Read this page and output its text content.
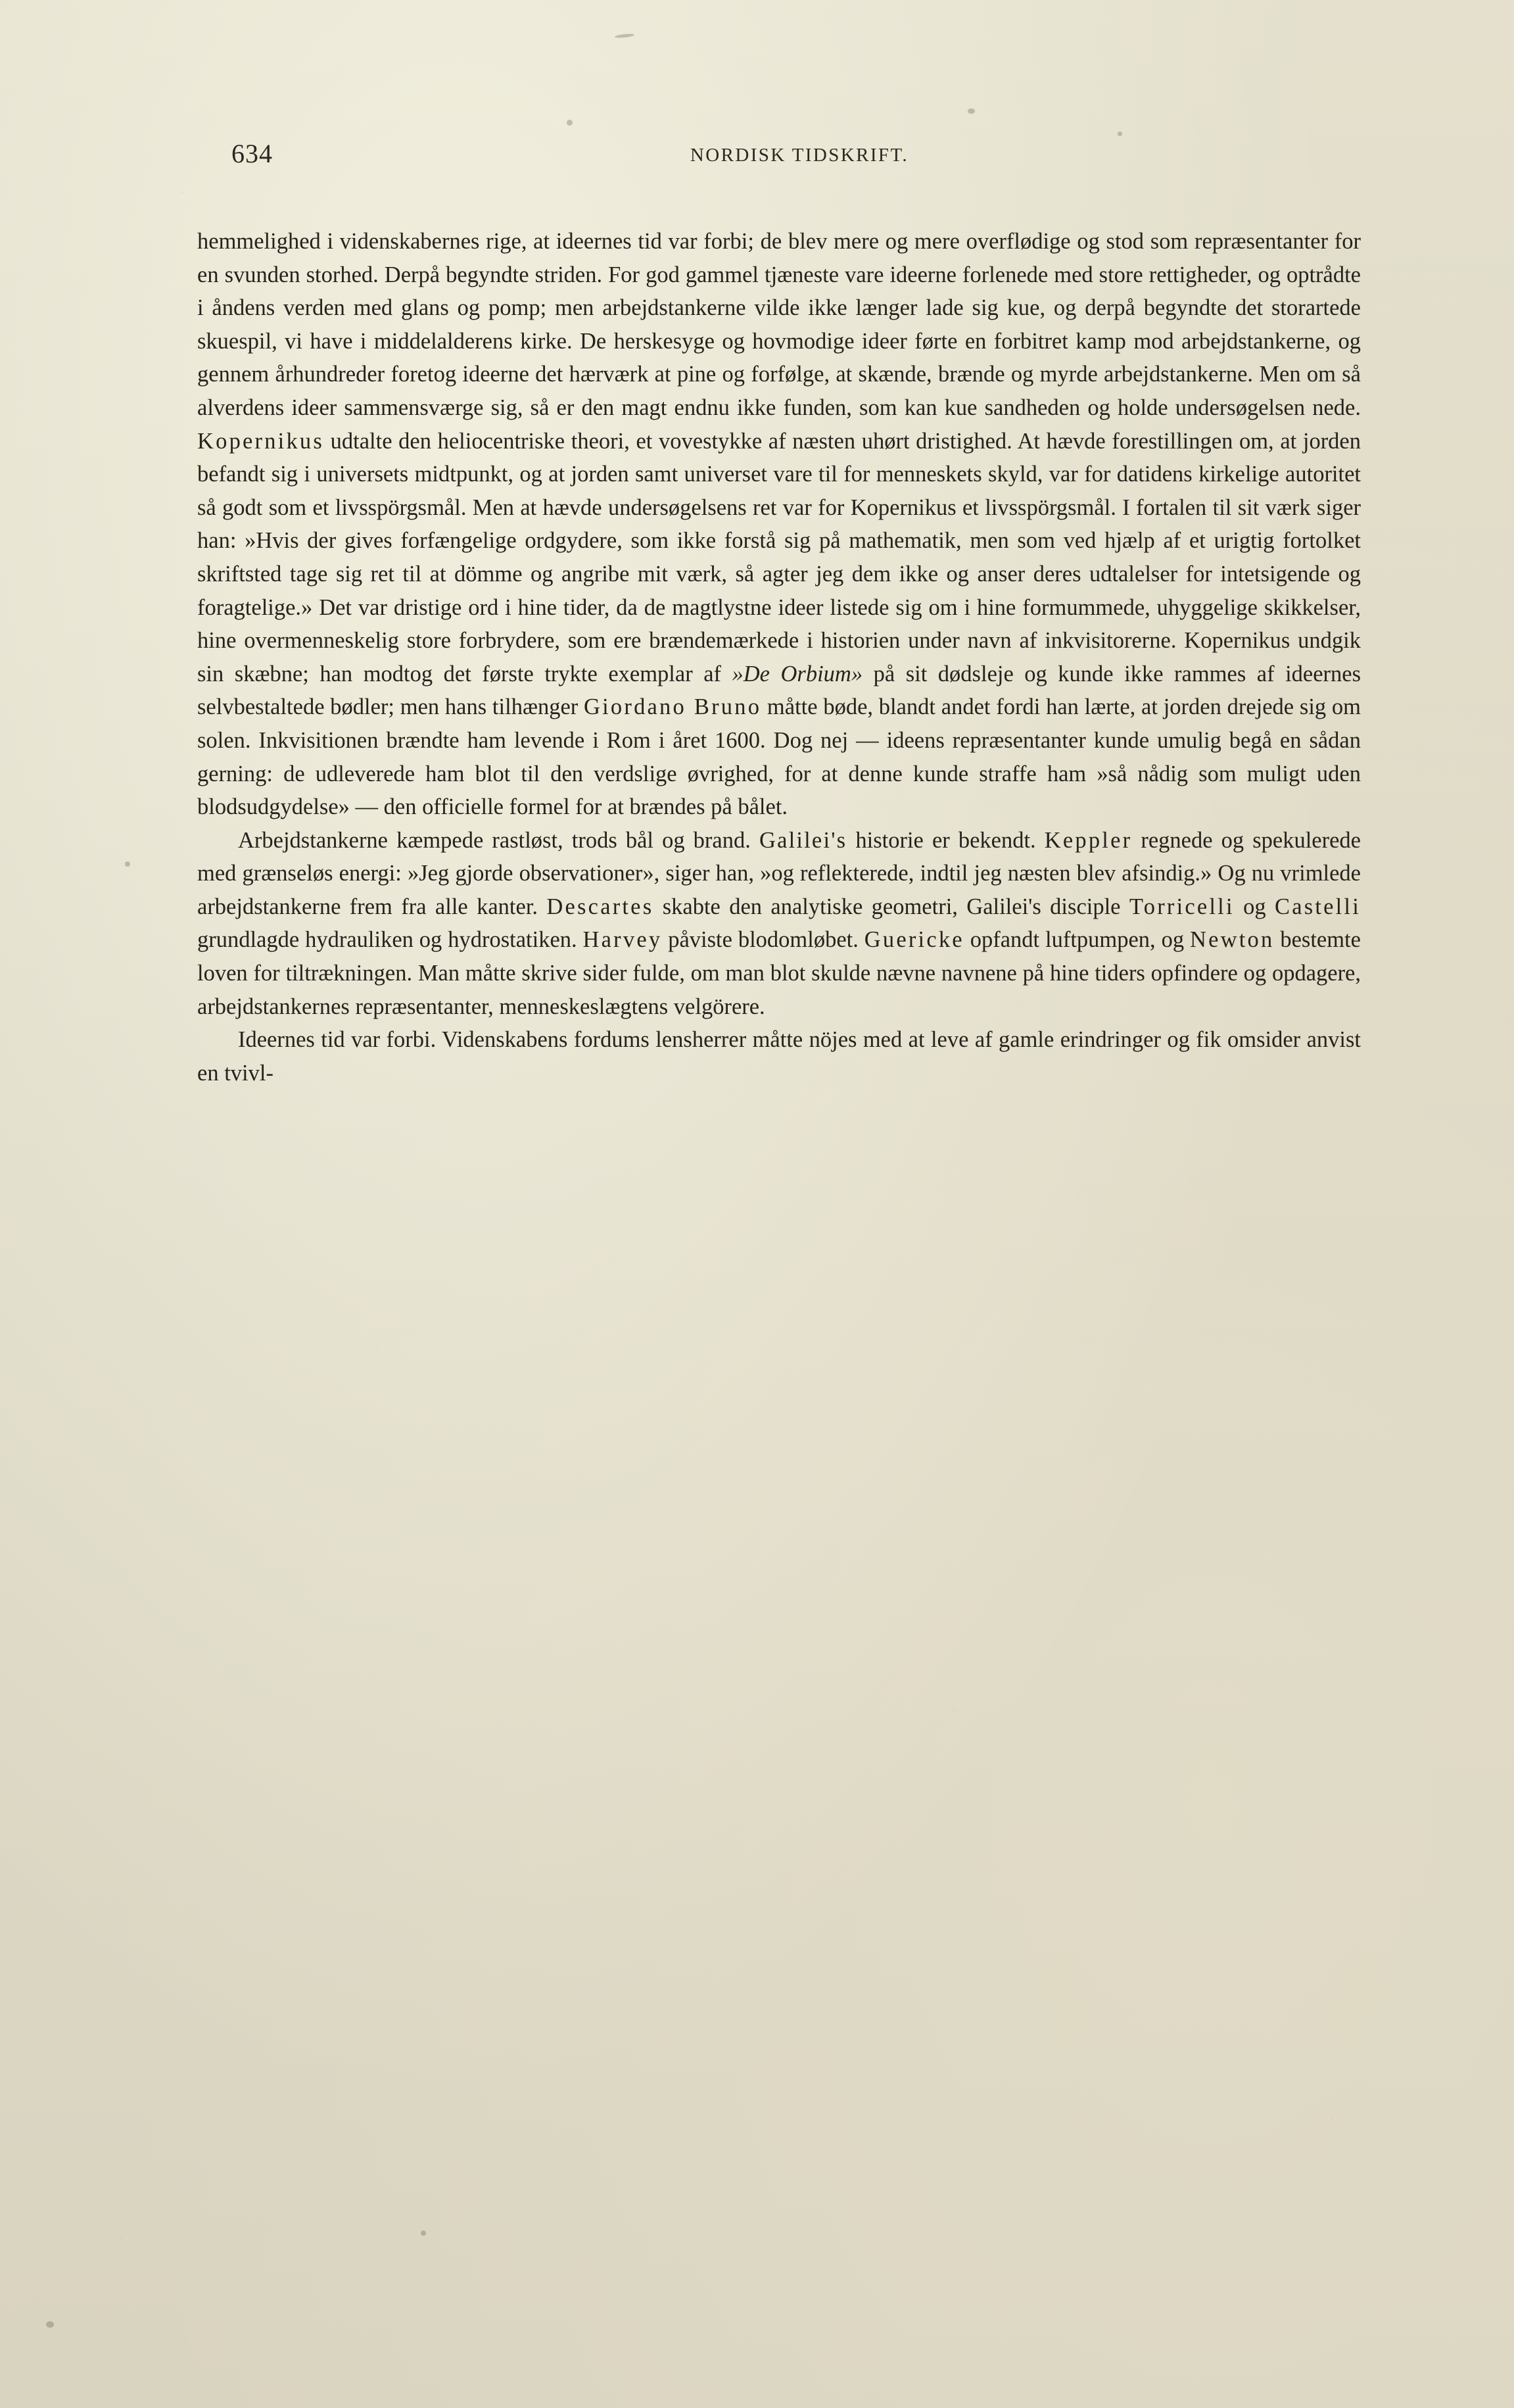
634	NORDISK TIDSKRIFT.

hemmelighed i videnskabernes rige, at ideernes tid var forbi; de blev mere og mere overflødige og stod som repræsentanter for en svunden storhed. Derpå begyndte striden. For god gammel tjæneste vare ideerne forlenede med store rettigheder, og optrådte i åndens verden med glans og pomp; men arbejdstankerne vilde ikke længer lade sig kue, og derpå begyndte det storartede skuespil, vi have i middelalderens kirke. De herskesyge og hovmodige ideer førte en forbitret kamp mod arbejdstankerne, og gennem århundreder foretog ideerne det hærværk at pine og forfølge, at skænde, brænde og myrde arbejdstankerne. Men om så alverdens ideer sammensværge sig, så er den magt endnu ikke funden, som kan kue sandheden og holde undersøgelsen nede. Kopernikus udtalte den heliocentriske theori, et vovestykke af næsten uhørt dristighed. At hævde forestillingen om, at jorden befandt sig i universets midtpunkt, og at jorden samt universet vare til for menneskets skyld, var for datidens kirkelige autoritet så godt som et livsspörgsmål. Men at hævde undersøgelsens ret var for Kopernikus et livsspörgsmål. I fortalen til sit værk siger han: »Hvis der gives forfængelige ordgydere, som ikke forstå sig på mathematik, men som ved hjælp af et urigtig fortolket skriftsted tage sig ret til at dömme og angribe mit værk, så agter jeg dem ikke og anser deres udtalelser for intetsigende og foragtelige.» Det var dristige ord i hine tider, da de magtlystne ideer listede sig om i hine formummede, uhyggelige skikkelser, hine overmenneskelig store forbrydere, som ere brændemærkede i historien under navn af inkvisitorerne. Kopernikus undgik sin skæbne; han modtog det første trykte exemplar af »De Orbium» på sit dødsleje og kunde ikke rammes af ideernes selvbestaltede bødler; men hans tilhænger Giordano Bruno måtte bøde, blandt andet fordi han lærte, at jorden drejede sig om solen. Inkvisitionen brændte ham levende i Rom i året 1600. Dog nej — ideens repræsentanter kunde umulig begå en sådan gerning: de udleverede ham blot til den verdslige øvrighed, for at denne kunde straffe ham »så nådig som muligt uden blodsudgydelse» — den officielle formel for at brændes på bålet.

Arbejdstankerne kæmpede rastløst, trods bål og brand. Galilei's historie er bekendt. Keppler regnede og spekulerede med grænseløs energi: »Jeg gjorde observationer», siger han, »og reflekterede, indtil jeg næsten blev afsindig.» Og nu vrimlede arbejdstankerne frem fra alle kanter. Descartes skabte den analytiske geometri, Galilei's disciple Torricelli og Castelli grundlagde hydrauliken og hydrostatiken. Harvey påviste blodomløbet. Guericke opfandt luftpumpen, og Newton bestemte loven for tiltrækningen. Man måtte skrive sider fulde, om man blot skulde nævne navnene på hine tiders opfindere og opdagere, arbejdstankernes repræsentanter, menneskeslægtens velgörere.

Ideernes tid var forbi. Videnskabens fordums lensherrer måtte nöjes med at leve af gamle erindringer og fik omsider anvist en tvivl-
